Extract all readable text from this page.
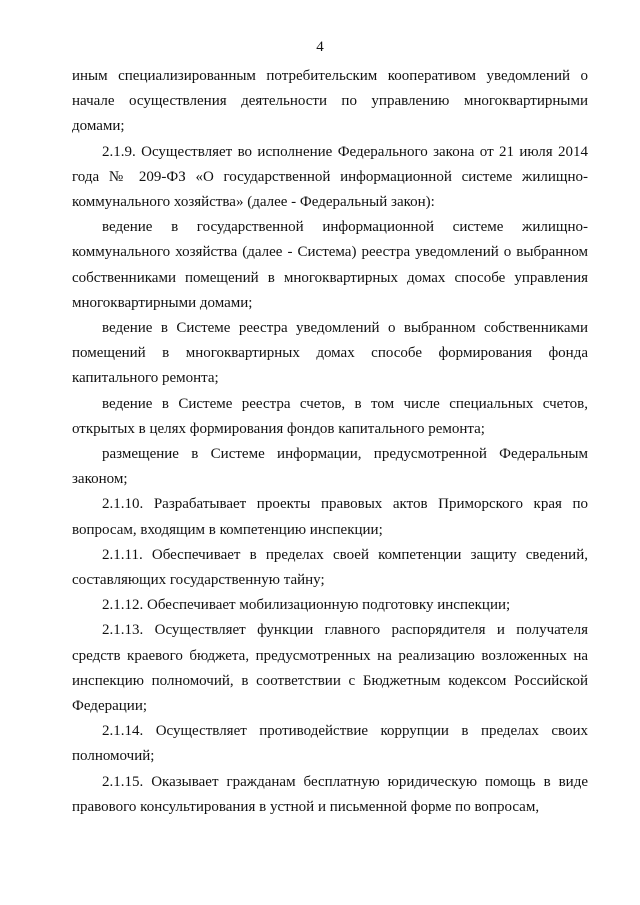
4

иным специализированным потребительским кооперативом уведомлений о начале осуществления деятельности по управлению многоквартирными домами;

2.1.9. Осуществляет во исполнение Федерального закона от 21 июля 2014 года № 209-ФЗ «О государственной информационной системе жилищно-коммунального хозяйства» (далее - Федеральный закон):

ведение в государственной информационной системе жилищно-коммунального хозяйства (далее - Система) реестра уведомлений о выбранном собственниками помещений в многоквартирных домах способе управления многоквартирными домами;

ведение в Системе реестра уведомлений о выбранном собственниками помещений в многоквартирных домах способе формирования фонда капитального ремонта;

ведение в Системе реестра счетов, в том числе специальных счетов, открытых в целях формирования фондов капитального ремонта;

размещение в Системе информации, предусмотренной Федеральным законом;

2.1.10. Разрабатывает проекты правовых актов Приморского края по вопросам, входящим в компетенцию инспекции;

2.1.11. Обеспечивает в пределах своей компетенции защиту сведений, составляющих государственную тайну;

2.1.12. Обеспечивает мобилизационную подготовку инспекции;

2.1.13. Осуществляет функции главного распорядителя и получателя средств краевого бюджета, предусмотренных на реализацию возложенных на инспекцию полномочий, в соответствии с Бюджетным кодексом Российской Федерации;

2.1.14. Осуществляет противодействие коррупции в пределах своих полномочий;

2.1.15. Оказывает гражданам бесплатную юридическую помощь в виде правового консультирования в устной и письменной форме по вопросам,
